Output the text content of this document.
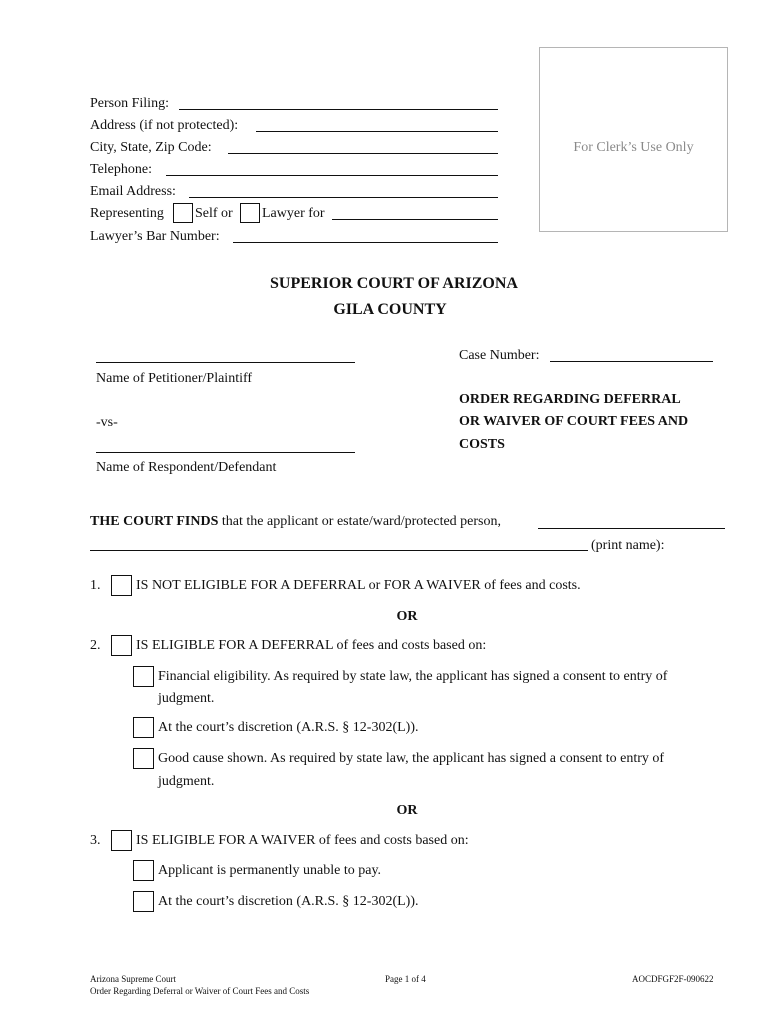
Person Filing:
Address (if not protected):
City, State, Zip Code:
Telephone:
Email Address:
Representing Self or Lawyer for
Lawyer’s Bar Number:
For Clerk’s Use Only
SUPERIOR COURT OF ARIZONA
GILA COUNTY
Name of Petitioner/Plaintiff
-vs-
Name of Respondent/Defendant
Case Number:
ORDER REGARDING DEFERRAL
OR WAIVER OF COURT FEES AND
COSTS
THE COURT FINDS that the applicant or estate/ward/protected person,
(print name):
1.	IS NOT ELIGIBLE FOR A DEFERRAL or FOR A WAIVER of fees and costs.
OR
2.	IS ELIGIBLE FOR A DEFERRAL of fees and costs based on:
Financial eligibility. As required by state law, the applicant has signed a consent to entry of
judgment.
At the court’s discretion (A.R.S. § 12-302(L)).
Good cause shown. As required by state law, the applicant has signed a consent to entry of
judgment.
OR
3.	IS ELIGIBLE FOR A WAIVER of fees and costs based on:
Applicant is permanently unable to pay.
At the court’s discretion (A.R.S. § 12-302(L)).
Arizona Supreme Court
Order Regarding Deferral or Waiver of Court Fees and Costs
Page 1 of 4	AOCDFGF2F-090622
